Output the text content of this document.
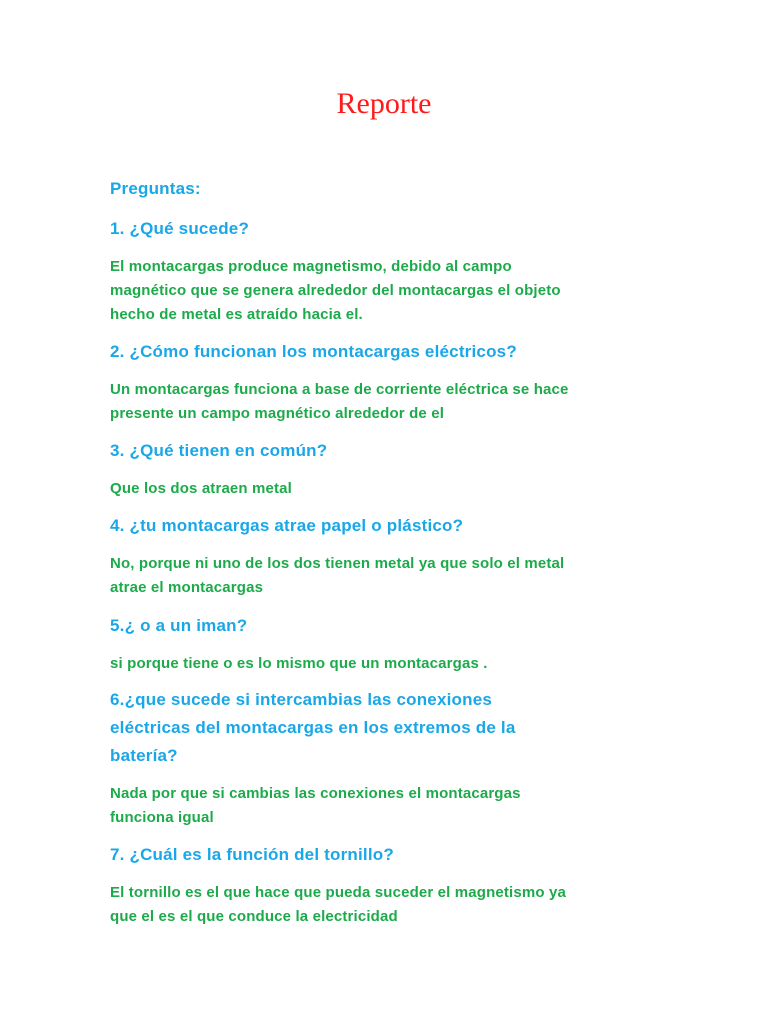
Reporte
Preguntas:
1. ¿Qué sucede?
El montacargas produce magnetismo, debido al campo
magnético que se genera alrededor del montacargas el objeto
hecho de metal es atraído hacia el.
2. ¿Cómo funcionan los montacargas eléctricos?
Un montacargas funciona a base de corriente eléctrica se hace
presente un campo magnético alrededor de el
3. ¿Qué tienen en común?
Que los dos atraen metal
4. ¿tu montacargas atrae papel o plástico?
No, porque ni uno de los dos tienen metal ya que solo el metal
atrae el montacargas
5.¿ o a un iman?
si porque tiene o es lo mismo que un montacargas .
6.¿que sucede si intercambias las conexiones
eléctricas del montacargas en los extremos de la
batería?
Nada por que si cambias las conexiones el montacargas
funciona igual
7. ¿Cuál es la función del tornillo?
El tornillo es el que hace que pueda suceder el magnetismo ya
que el es el que conduce la electricidad
